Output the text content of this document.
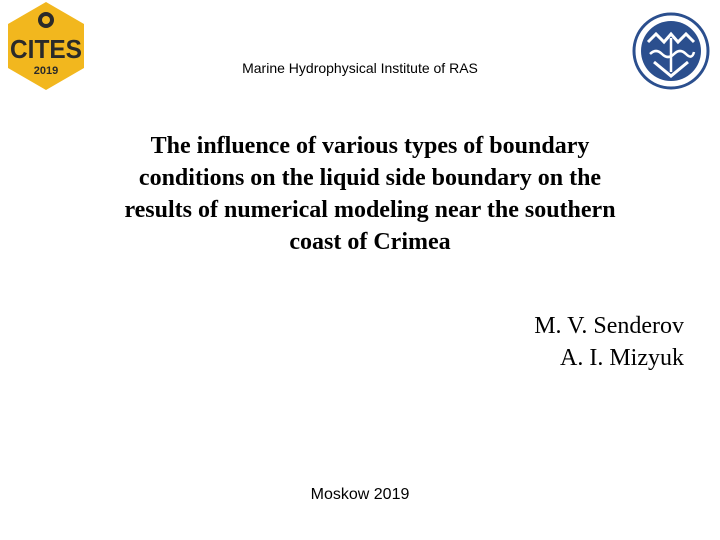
CITES
2019	Marine Hydrophysical Institute of RAS
The influence of various types of boundary
conditions on the liquid side boundary on the
results of numerical modeling near the southern
coast of Crimea
M. V. Senderov
A. I. Mizyuk
Moskow 2019
